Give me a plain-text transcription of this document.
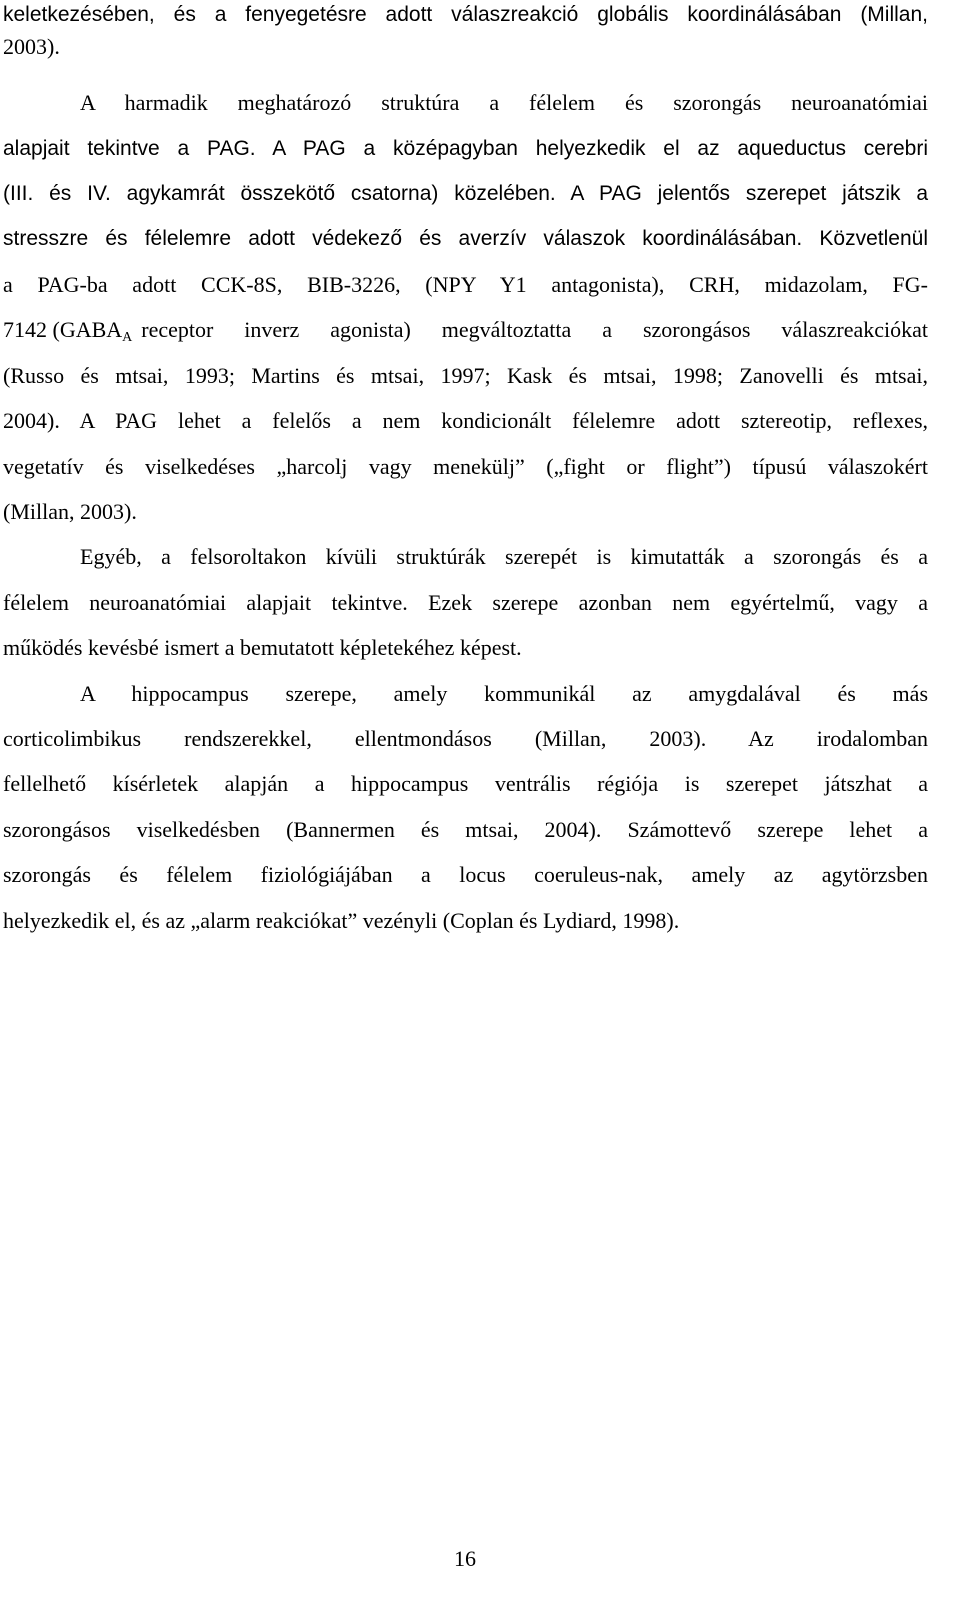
keletkezésében, és a fenyegetésre adott válaszreakció globális koordinálásában (Millan,
2003).
A harmadik meghatározó struktúra a félelem és szorongás neuroanatómiai
alapjait tekintve a PAG. A PAG a középagyban helyezkedik el az aqueductus cerebri
(III. és IV. agykamrát összekötő csatorna) közelében. A PAG jelentős szerepet játszik a
stresszre és félelemre adott védekező és averzív válaszok koordinálásában. Közvetlenül
a PAG-ba adott CCK-8S, BIB-3226, (NPY Y1 antagonista), CRH, midazolam, FG-
7142 ($GABA_A$ receptor inverz agonista) megváltoztatta a szorongásos válaszreakciókat
(Russo és mtsai, 1993; Martins és mtsai, 1997; Kask és mtsai, 1998; Zanovelli és mtsai,
2004). A PAG lehet a felelős a nem kondicionált félelemre adott sztereotip, reflexes,
vegetatív és viselkedéses „harcolj vagy menekülj” („fight or flight”) típusú válaszokért
(Millan, 2003).
Egyéb, a felsoroltakon kívüli struktúrák szerepét is kimutatták a szorongás és a
félelem neuroanatómiai alapjait tekintve. Ezek szerepe azonban nem egyértelmű, vagy a
működés kevésbé ismert a bemutatott képletekéhez képest.
A hippocampus szerepe, amely kommunikál az amygdalával és más
corticolimbikus rendszerekkel, ellentmondásos (Millan, 2003). Az irodalomban
fellelhető kísérletek alapján a hippocampus ventrális régiója is szerepet játszhat a
szorongásos viselkedésben (Bannermen és mtsai, 2004). Számottevő szerepe lehet a
szorongás és félelem fiziológiájában a locus coeruleus-nak, amely az agytörzsben
helyezkedik el, és az „alarm reakciókat” vezényli (Coplan és Lydiard, 1998).
16
